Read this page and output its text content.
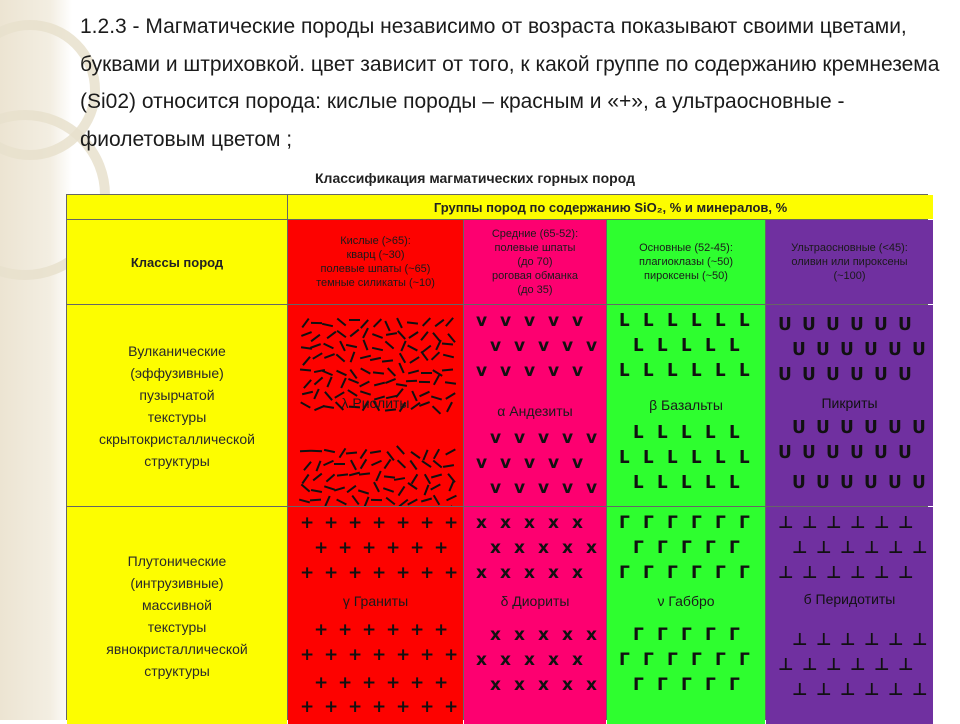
1.2.3 - Магматические породы независимо от возраста показывают своими цветами, буквами и штриховкой. цвет зависит от того, к какой группе по содержанию кремнезема (Si02) относится порода: кислые породы – красным и «+», а ультраосновные - фиолетовым цветом ;

Классификация магматических горных пород
Группы пород по содержанию SiO₂, % и минералов, %
Классы пород
Кислые (>65):
кварц (~30)
полевые шпаты (~65)
темные силикаты (~10)
Средние (65-52):
полевые шпаты
(до 70)
роговая обманка
(до 35)
Основные (52-45):
плагиоклазы (~50)
пироксены (~50)
Ультраосновные (<45):
оливин или пироксены
(~100)
Вулканические
(эффузивные)
пузырчатой
текстуры
скрытокристаллической
структуры
λ Риолиты
v v v v v
v v v v v
v v v v v
v v v v v
v v v v v
v v v v v
α Андезиты
ᒪ ᒪ ᒪ ᒪ ᒪ ᒪ
ᒪ ᒪ ᒪ ᒪ ᒪ
ᒪ ᒪ ᒪ ᒪ ᒪ ᒪ
ᒪ ᒪ ᒪ ᒪ ᒪ
ᒪ ᒪ ᒪ ᒪ ᒪ ᒪ
ᒪ ᒪ ᒪ ᒪ ᒪ
β Базальты
ᑌ ᑌ ᑌ ᑌ ᑌ ᑌ
ᑌ ᑌ ᑌ ᑌ ᑌ ᑌ
ᑌ ᑌ ᑌ ᑌ ᑌ ᑌ
ᑌ ᑌ ᑌ ᑌ ᑌ ᑌ
ᑌ ᑌ ᑌ ᑌ ᑌ ᑌ
ᑌ ᑌ ᑌ ᑌ ᑌ ᑌ
Пикриты
Плутонические
(интрузивные)
массивной
текстуры
явнокристаллической
структуры
+ + + + + + +
+ + + + + +
+ + + + + + +
+ + + + + +
+ + + + + + +
+ + + + + +
+ + + + + + +
γ Граниты
x x x x x
x x x x x
x x x x x
x x x x x
x x x x x
x x x x x
δ Диориты
Г Г Г Г Г Г
Г Г Г Г Г
Г Г Г Г Г Г
Г Г Г Г Г
Г Г Г Г Г Г
Г Г Г Г Г
ν Габбро
⊥ ⊥ ⊥ ⊥ ⊥ ⊥
⊥ ⊥ ⊥ ⊥ ⊥ ⊥
⊥ ⊥ ⊥ ⊥ ⊥ ⊥
⊥ ⊥ ⊥ ⊥ ⊥ ⊥
⊥ ⊥ ⊥ ⊥ ⊥ ⊥
⊥ ⊥ ⊥ ⊥ ⊥ ⊥
б Перидотиты
